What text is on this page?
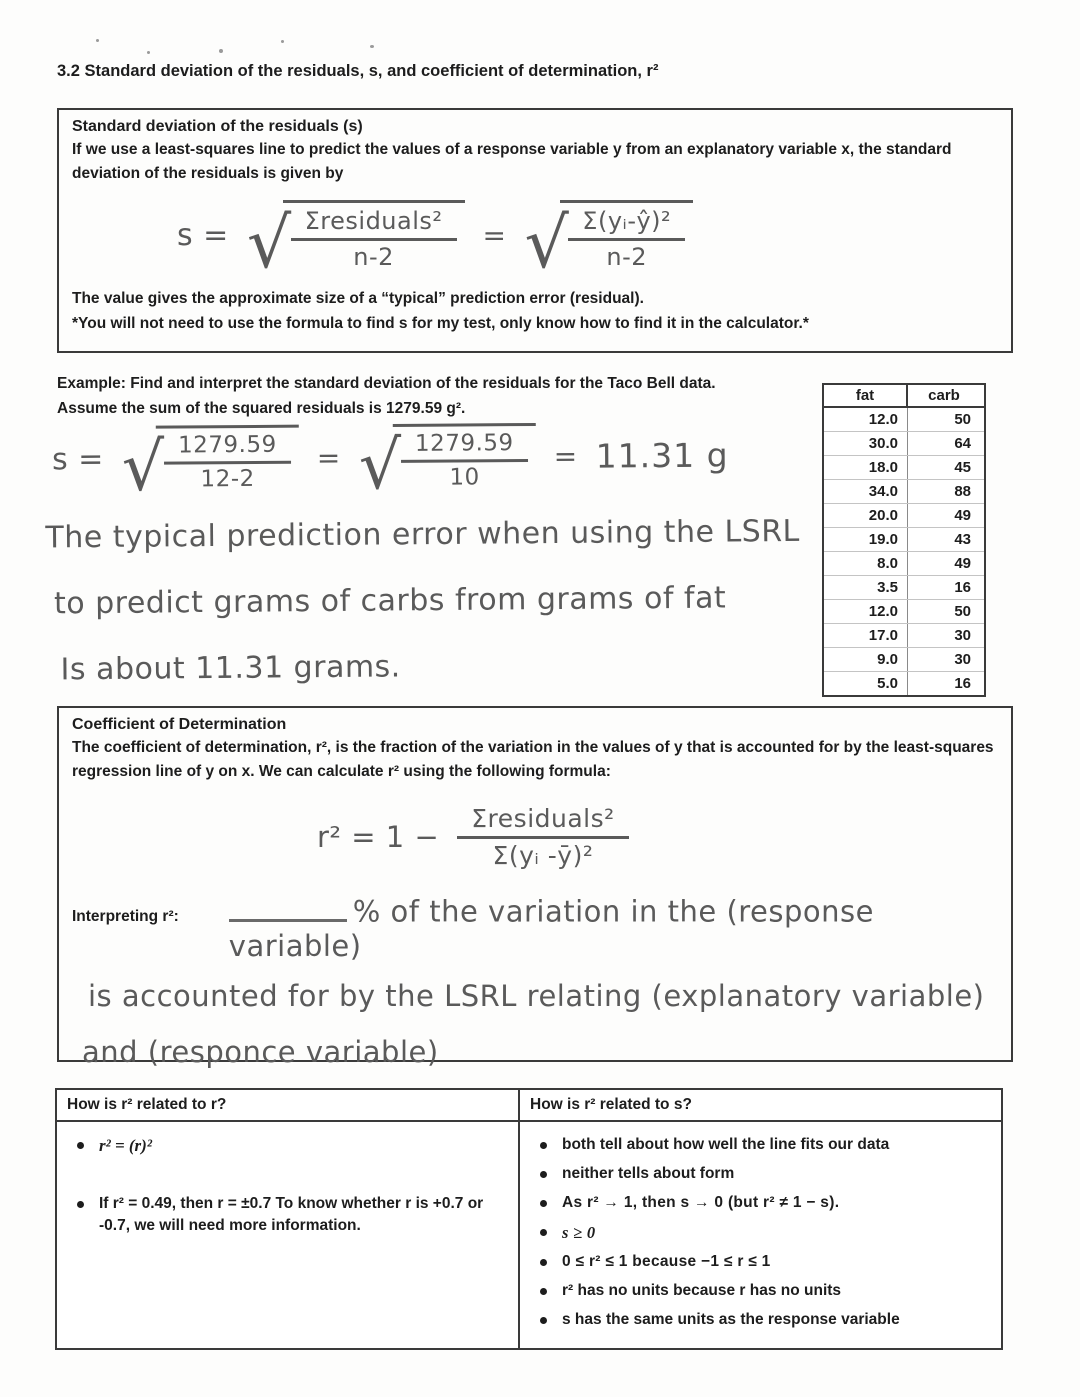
3.2 Standard deviation of the residuals, s, and coefficient of determination, r²

Standard deviation of the residuals (s)

If we use a least-squares line to predict the values of a response variable y from an explanatory variable x, the standard deviation of the residuals is given by

s = √
$\frac{\text{Σresiduals²}}{n-2}$ = √
$\frac{\text{Σ(yᵢ-ŷ)²}}{n-2}$

The value gives the approximate size of a “typical” prediction error (residual).

*You will not need to use the formula to find s for my test, only know how to find it in the calculator.*

Example: Find and interpret the standard deviation of the residuals for the Taco Bell data.
Assume the sum of the squared residuals is 1279.59 g².
s = √
$\frac{1279.59}{12-2}$ = √
$\frac{1279.59}{10} = 11.31$ g
The typical prediction error when using the LSRL
to predict grams of carbs from grams of fat
Is about 11.31 grams.
fat	carb
12.0	50
30.0	64
18.0	45
34.0	88
20.0	49
19.0	43
8.0	49
3.5	16
12.0	50
17.0	30
9.0	30
5.0	16

Coefficient of Determination

The coefficient of determination, r², is the fraction of the variation in the values of y that is accounted for by the least-squares regression line of y on x. We can calculate r² using the following formula:

$r^2 = 1 - \frac{\text{Σresiduals²}}{\text{Σ(yᵢ -ȳ)²}}$
Interpreting r²:	% of the variation in the (response variable)
is accounted for by the LSRL relating (explanatory variable)
and (responce variable)
How is r² related to r?
r² = (r)²
If r² = 0.49, then r = ±0.7 To know whether r is +0.7 or -0.7, we will need more information.
How is r² related to s?
both tell about how well the line fits our data
neither tells about form
As r² → 1, then s → 0 (but r² ≠ 1 − s).
s ≥ 0
0 ≤ r² ≤ 1 because −1 ≤ r ≤ 1
r² has no units because r has no units
s has the same units as the response variable
